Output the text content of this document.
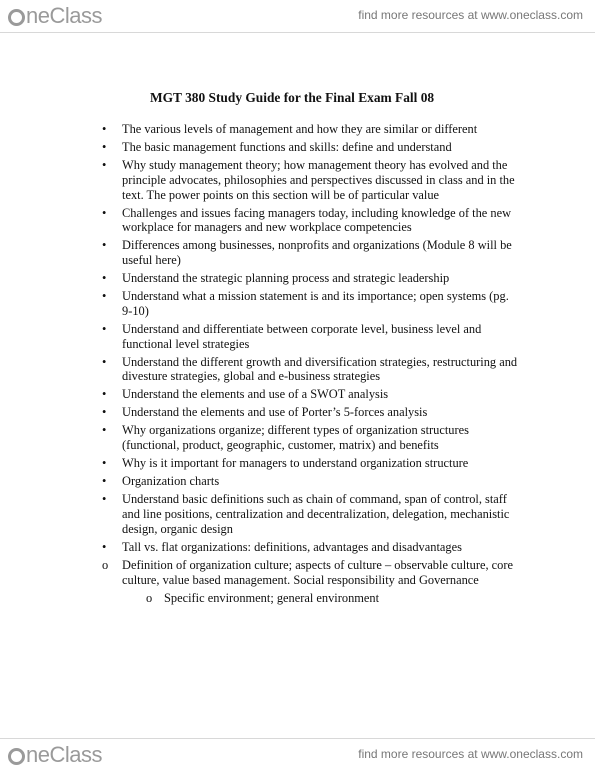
neClass	find more resources at www.oneclass.com
MGT 380 Study Guide for the Final Exam Fall 08
•	The various levels of management and how they are similar or different
•	The basic management functions and skills: define and understand
•	Why study management theory; how management theory has evolved and the principle advocates, philosophies and perspectives discussed in class and in the text. The power points on this section will be of particular value
•	Challenges and issues facing managers today, including knowledge of the new workplace for managers and new workplace competencies
•	Differences among businesses, nonprofits and organizations (Module 8 will be useful here)
•	Understand the strategic planning process and strategic leadership
•	Understand what a mission statement is and its importance; open systems (pg. 9-10)
•	Understand and differentiate between corporate level, business level and functional level strategies
•	Understand the different growth and diversification strategies, restructuring and divesture strategies, global and e-business strategies
•	Understand the elements and use of a SWOT analysis
•	Understand the elements and use of Porter’s 5-forces analysis
•	Why organizations organize; different types of organization structures (functional, product, geographic, customer, matrix) and benefits
•	Why is it important for managers to understand organization structure
•	Organization charts
•	Understand basic definitions such as chain of command, span of control, staff and line positions, centralization and decentralization, delegation, mechanistic design, organic design
•	Tall vs. flat organizations: definitions, advantages and disadvantages
o	Definition of organization culture; aspects of culture – observable culture, core culture, value based management. Social responsibility and Governance
o Specific environment; general environment
neClass	find more resources at www.oneclass.com
